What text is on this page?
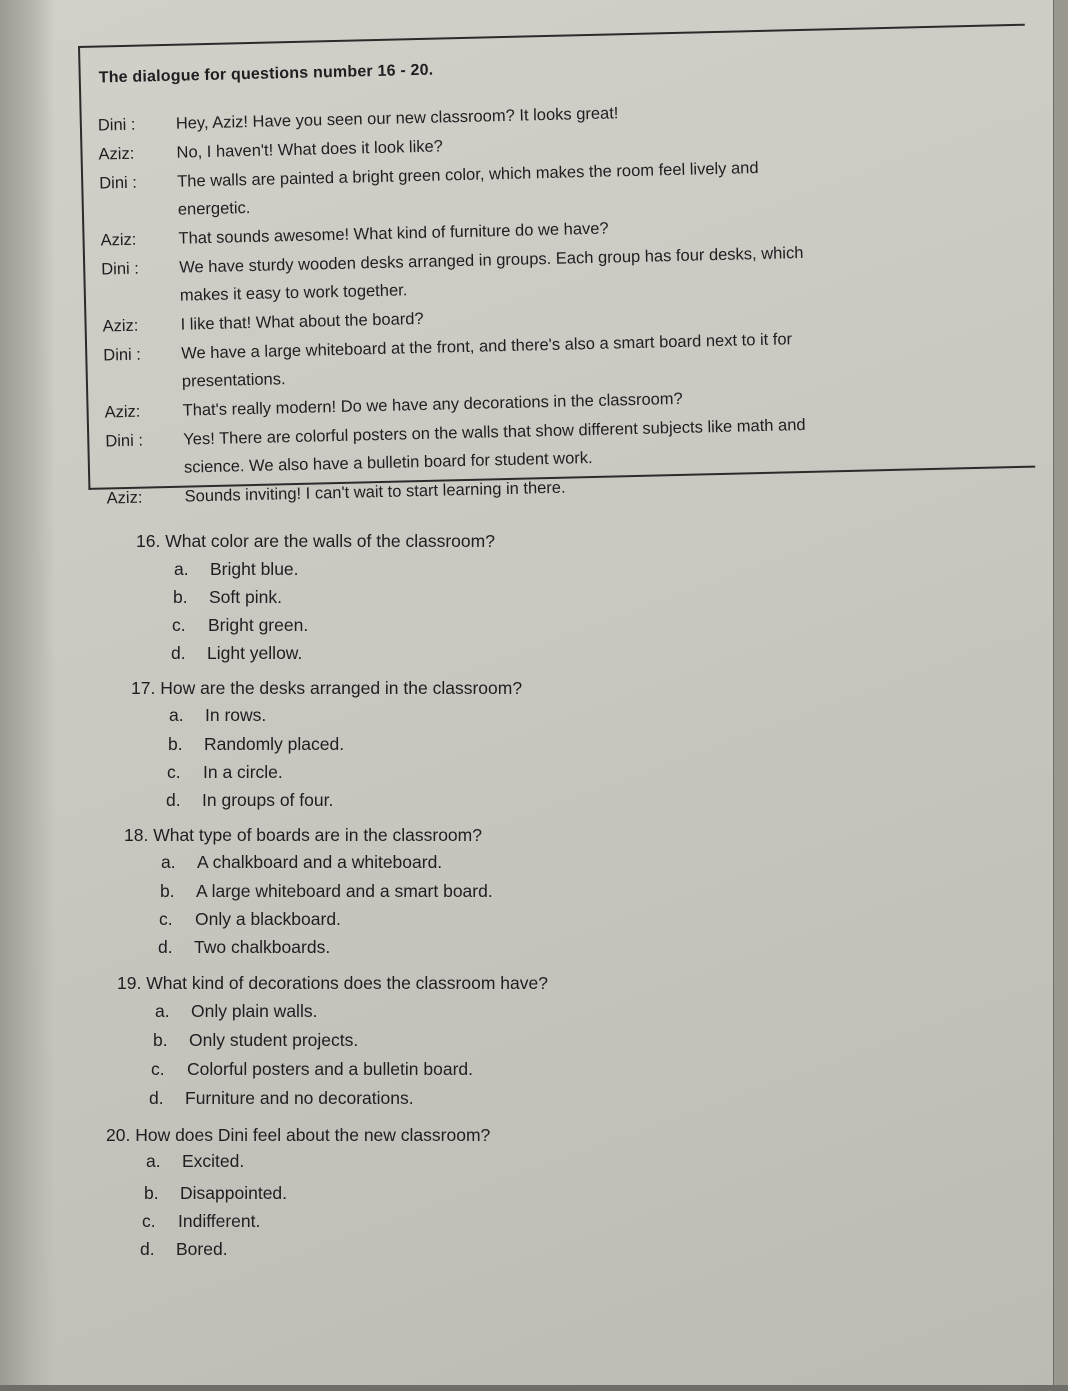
The dialogue for questions number 16 - 20.
Dini : Hey, Aziz! Have you seen our new classroom? It looks great!
Aziz:	No, I haven't! What does it look like?
Dini : The walls are painted a bright green color, which makes the room feel lively and
energetic.
Aziz:	That sounds awesome! What kind of furniture do we have?
Dini : We have sturdy wooden desks arranged in groups. Each group has four desks, which
makes it easy to work together.
Aziz:	I like that! What about the board?
Dini : We have a large whiteboard at the front, and there's also a smart board next to it for
presentations.
Aziz:	That's really modern! Do we have any decorations in the classroom?
Dini : Yes! There are colorful posters on the walls that show different subjects like math and
science. We also have a bulletin board for student work.
Aziz:	Sounds inviting! I can't wait to start learning in there.
16. What color are the walls of the classroom?
a. Bright blue.
b. Soft pink.
c. Bright green.
d. Light yellow.
17. How are the desks arranged in the classroom?
a. In rows.
b. Randomly placed.
c. In a circle.
d. In groups of four.
18. What type of boards are in the classroom?
a. A chalkboard and a whiteboard.
b. A large whiteboard and a smart board.
c. Only a blackboard.
d. Two chalkboards.
19. What kind of decorations does the classroom have?
a. Only plain walls.
b. Only student projects.
c. Colorful posters and a bulletin board.
d. Furniture and no decorations.
20. How does Dini feel about the new classroom?
a. Excited.
b. Disappointed.
c. Indifferent.
d. Bored.
